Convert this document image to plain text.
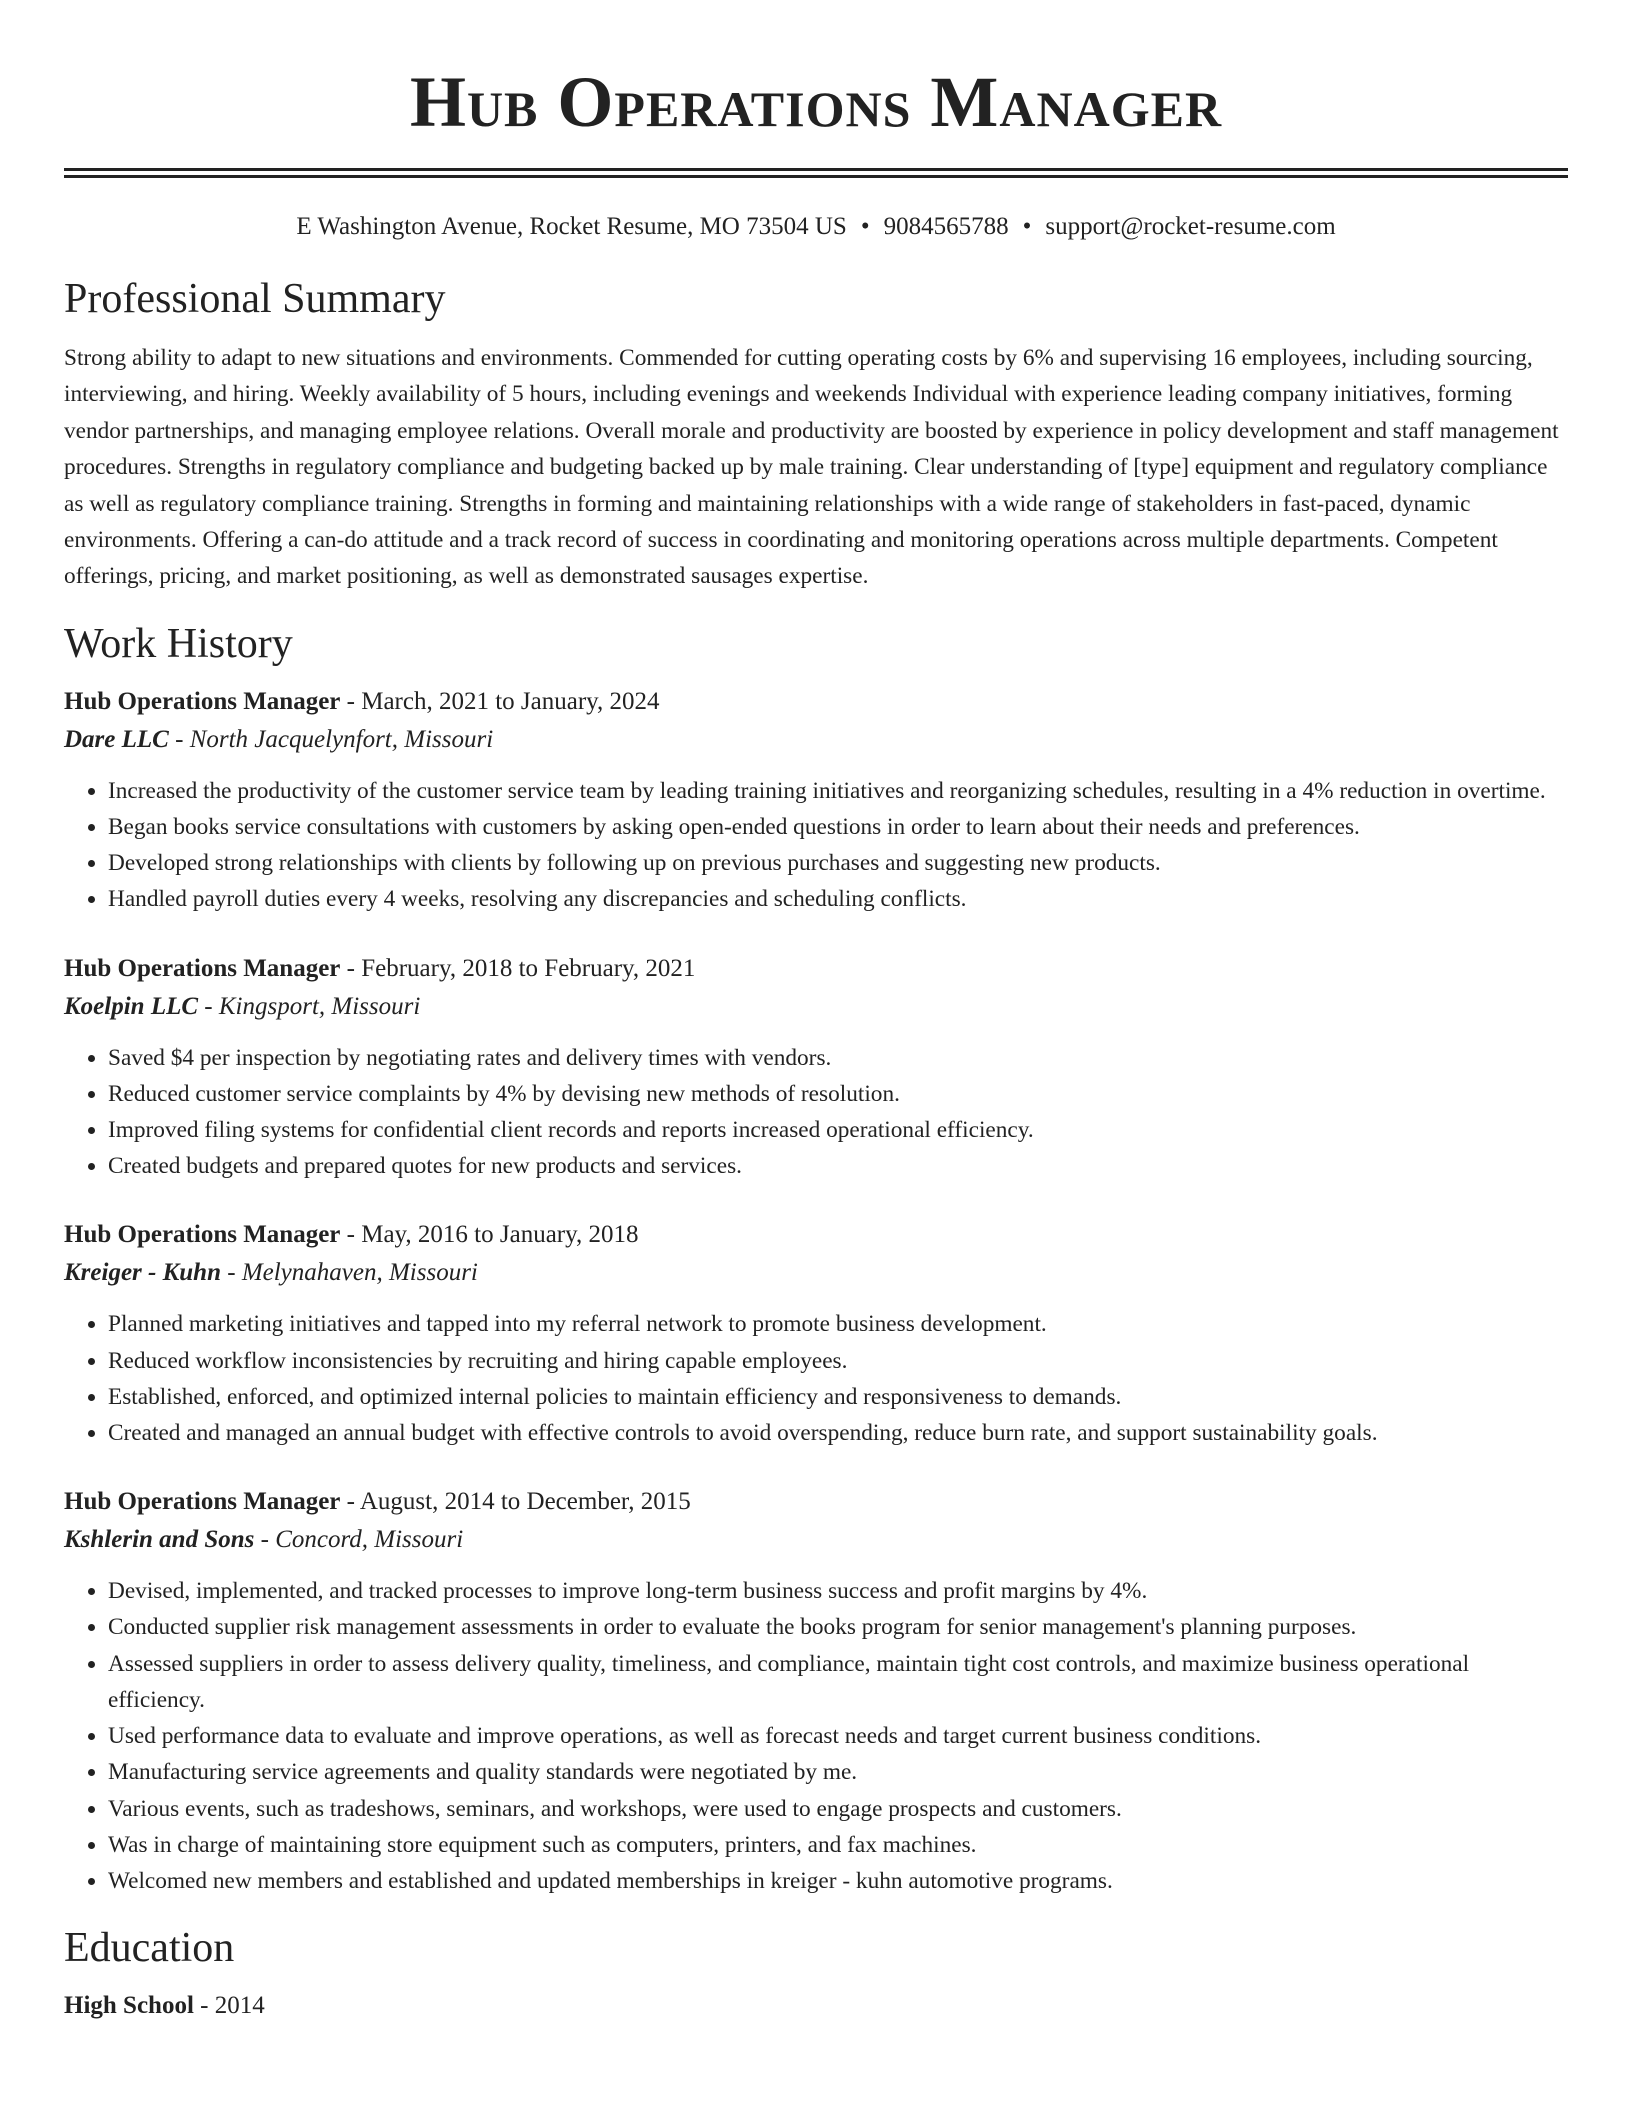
Hub Operations Manager
E Washington Avenue, Rocket Resume, MO 73504 US • 9084565788 • support@rocket-resume.com
Professional Summary

Strong ability to adapt to new situations and environments. Commended for cutting operating costs by 6% and supervising 16 employees, including sourcing, interviewing, and hiring. Weekly availability of 5 hours, including evenings and weekends Individual with experience leading company initiatives, forming vendor partnerships, and managing employee relations. Overall morale and productivity are boosted by experience in policy development and staff management procedures. Strengths in regulatory compliance and budgeting backed up by male training. Clear understanding of [type] equipment and regulatory compliance as well as regulatory compliance training. Strengths in forming and maintaining relationships with a wide range of stakeholders in fast-paced, dynamic environments. Offering a can-do attitude and a track record of success in coordinating and monitoring operations across multiple departments. Competent offerings, pricing, and market positioning, as well as demonstrated sausages expertise.

Work History
Hub Operations Manager - March, 2021 to January, 2024
Dare LLC - North Jacquelynfort, Missouri
• Increased the productivity of the customer service team by leading training initiatives and reorganizing schedules, resulting in a 4% reduction in overtime.
• Began books service consultations with customers by asking open-ended questions in order to learn about their needs and preferences.
• Developed strong relationships with clients by following up on previous purchases and suggesting new products.
• Handled payroll duties every 4 weeks, resolving any discrepancies and scheduling conflicts.
Hub Operations Manager - February, 2018 to February, 2021
Koelpin LLC - Kingsport, Missouri
• Saved $4 per inspection by negotiating rates and delivery times with vendors.
• Reduced customer service complaints by 4% by devising new methods of resolution.
• Improved filing systems for confidential client records and reports increased operational efficiency.
• Created budgets and prepared quotes for new products and services.
Hub Operations Manager - May, 2016 to January, 2018
Kreiger - Kuhn - Melynahaven, Missouri
• Planned marketing initiatives and tapped into my referral network to promote business development.
• Reduced workflow inconsistencies by recruiting and hiring capable employees.
• Established, enforced, and optimized internal policies to maintain efficiency and responsiveness to demands.
• Created and managed an annual budget with effective controls to avoid overspending, reduce burn rate, and support sustainability goals.
Hub Operations Manager - August, 2014 to December, 2015
Kshlerin and Sons - Concord, Missouri
• Devised, implemented, and tracked processes to improve long-term business success and profit margins by 4%.
• Conducted supplier risk management assessments in order to evaluate the books program for senior management's planning purposes.
• Assessed suppliers in order to assess delivery quality, timeliness, and compliance, maintain tight cost controls, and maximize business operational efficiency.
• Used performance data to evaluate and improve operations, as well as forecast needs and target current business conditions.
• Manufacturing service agreements and quality standards were negotiated by me.
• Various events, such as tradeshows, seminars, and workshops, were used to engage prospects and customers.
• Was in charge of maintaining store equipment such as computers, printers, and fax machines.
• Welcomed new members and established and updated memberships in kreiger - kuhn automotive programs.
Education
High School - 2014
